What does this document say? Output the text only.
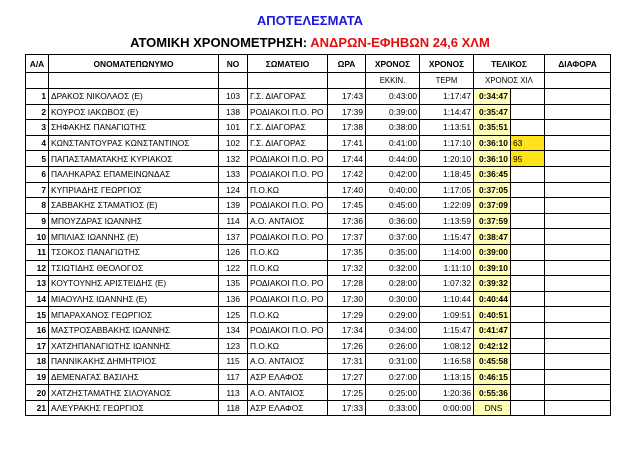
ΑΠΟΤΕΛΕΣΜΑΤΑ
ΑΤΟΜΙΚΗ ΧΡΟΝΟΜΕΤΡΗΣΗ: ΑΝΔΡΩΝ-ΕΦΗΒΩΝ 24,6 ΧΛΜ
Α/Α	ΟΝΟΜΑΤΕΠΩΝΥΜΟ	ΝΟ	ΣΩΜΑΤΕΙΟ	ΩΡΑ	ΧΡΟΝΟΣ	ΧΡΟΝΟΣ	ΤΕΛΙΚΟΣ		ΔΙΑΦΟΡΑ
					ΕΚΚΙΝ.	ΤΕΡΜ	ΧΡΟΝΟΣ ΧΙΛ		
1	ΔΡΑΚΟΣ ΝΙΚΟΛΑΟΣ (Ε)	103	Γ.Σ. ΔΙΑΓΟΡΑΣ	17:43	0:43:00	1:17:47	0:34:47		
2	ΚΟΥΡΟΣ ΙΑΚΩΒΟΣ (Ε)	138	ΡΟΔΙΑΚΟΙ Π.Ο. ΡΟ	17:39	0:39:00	1:14:47	0:35:47		
3	ΣΗΦΑΚΗΣ ΠΑΝΑΓΙΩΤΗΣ	101	Γ.Σ. ΔΙΑΓΟΡΑΣ	17:38	0:38:00	1:13:51	0:35:51		
4	ΚΩΝΣΤΑΝΤΟΥΡΑΣ ΚΩΝΣΤΑΝΤΙΝΟΣ	102	Γ.Σ. ΔΙΑΓΟΡΑΣ	17:41	0:41:00	1:17:10	0:36:10	63	
5	ΠΑΠΑΣΤΑΜΑΤΑΚΗΣ ΚΥΡΙΑΚΟΣ	132	ΡΟΔΙΑΚΟΙ Π.Ο. ΡΟ	17:44	0:44:00	1:20:10	0:36:10	95	
6	ΠΑΛΗΚΑΡΑΣ ΕΠΑΜΕΙΝΩΝΔΑΣ	133	ΡΟΔΙΑΚΟΙ Π.Ο. ΡΟ	17:42	0:42:00	1:18:45	0:36:45		
7	ΚΥΠΡΙΑΔΗΣ ΓΕΩΡΓΙΟΣ	124	Π.Ο.ΚΩ	17:40	0:40:00	1:17:05	0:37:05		
8	ΣΑΒΒΑΚΗΣ ΣΤΑΜΑΤΙΟΣ (Ε)	139	ΡΟΔΙΑΚΟΙ Π.Ο. ΡΟ	17:45	0:45:00	1:22:09	0:37:09		
9	ΜΠΟΥΖΔΡΑΣ ΙΩΑΝΝΗΣ	114	Α.Ο. ΑΝΤΑΙΟΣ	17:36	0:36:00	1:13:59	0:37:59		
10	ΜΠΙΛΙΑΣ ΙΩΑΝΝΗΣ (Ε)	137	ΡΟΔΙΑΚΟΙ Π.Ο. ΡΟ	17:37	0:37:00	1:15:47	0:38:47		
11	ΤΣΟΚΟΣ ΠΑΝΑΓΙΩΤΗΣ	126	Π.Ο.ΚΩ	17:35	0:35:00	1:14:00	0:39:00		
12	ΤΣΙΩΤΙΔΗΣ ΘΕΟΛΟΓΟΣ	122	Π.Ο.ΚΩ	17:32	0:32:00	1:11:10	0:39:10		
13	ΚΟΥΤΟΥΝΗΣ ΑΡΙΣΤΕΙΔΗΣ (Ε)	135	ΡΟΔΙΑΚΟΙ Π.Ο. ΡΟ	17:28	0:28:00	1:07:32	0:39:32		
14	ΜΙΑΟΥΛΗΣ ΙΩΑΝΝΗΣ (Ε)	136	ΡΟΔΙΑΚΟΙ Π.Ο. ΡΟ	17:30	0:30:00	1:10:44	0:40:44		
15	ΜΠΑΡΑΧΑΝΟΣ ΓΕΩΡΓΙΟΣ	125	Π.Ο.ΚΩ	17:29	0:29:00	1:09:51	0:40:51		
16	ΜΑΣΤΡΟΣΑΒΒΑΚΗΣ ΙΩΑΝΝΗΣ	134	ΡΟΔΙΑΚΟΙ Π.Ο. ΡΟ	17:34	0:34:00	1:15:47	0:41:47		
17	ΧΑΤΖΗΠΑΝΑΓΙΩΤΗΣ ΙΩΑΝΝΗΣ	123	Π.Ο.ΚΩ	17:26	0:26:00	1:08:12	0:42:12		
18	ΠΑΝΝΙΚΑΚΗΣ ΔΗΜΗΤΡΙΟΣ	115	Α.Ο. ΑΝΤΑΙΟΣ	17:31	0:31:00	1:16:58	0:45:58		
19	ΔΕΜΕΝΑΓΑΣ ΒΑΣΙΛΗΣ	117	ΑΣΡ ΕΛΑΦΟΣ	17:27	0:27:00	1:13:15	0:46:15		
20	ΧΑΤΖΗΣΤΑΜΑΤΗΣ ΣΙΛΟΥΑΝΟΣ	113	Α.Ο. ΑΝΤΑΙΟΣ	17:25	0:25:00	1:20:36	0:55:36		
21	ΑΛΕΥΡΑΚΗΣ ΓΕΩΡΓΙΟΣ	118	ΑΣΡ ΕΛΑΦΟΣ	17:33	0:33:00	0:00:00	DNS		
